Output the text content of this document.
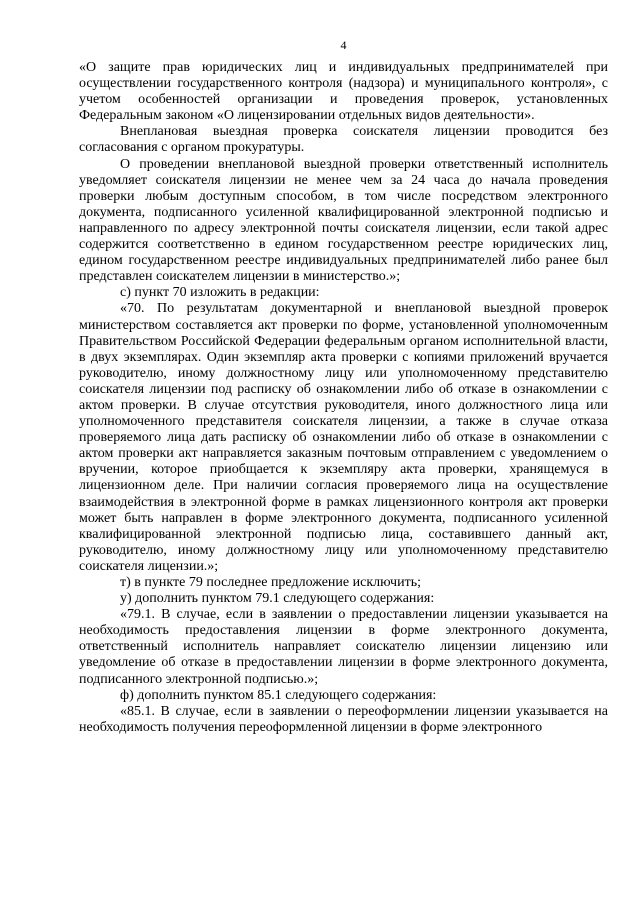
4

«О защите прав юридических лиц и индивидуальных предпринимателей при осуществлении государственного контроля (надзора) и муниципального контроля», с учетом особенностей организации и проведения проверок, установленных Федеральным законом «О лицензировании отдельных видов деятельности».

Внеплановая выездная проверка соискателя лицензии проводится без согласования с органом прокуратуры.

О проведении внеплановой выездной проверки ответственный исполнитель уведомляет соискателя лицензии не менее чем за 24 часа до начала проведения проверки любым доступным способом, в том числе посредством электронного документа, подписанного усиленной квалифицированной электронной подписью и направленного по адресу электронной почты соискателя лицензии, если такой адрес содержится соответственно в едином государственном реестре юридических лиц, едином государственном реестре индивидуальных предпринимателей либо ранее был представлен соискателем лицензии в министерство.»;

с) пункт 70 изложить в редакции:

«70. По результатам документарной и внеплановой выездной проверок министерством составляется акт проверки по форме, установленной уполномоченным Правительством Российской Федерации федеральным органом исполнительной власти, в двух экземплярах. Один экземпляр акта проверки с копиями приложений вручается руководителю, иному должностному лицу или уполномоченному представителю соискателя лицензии под расписку об ознакомлении либо об отказе в ознакомлении с актом проверки. В случае отсутствия руководителя, иного должностного лица или уполномоченного представителя соискателя лицензии, а также в случае отказа проверяемого лица дать расписку об ознакомлении либо об отказе в ознакомлении с актом проверки акт направляется заказным почтовым отправлением с уведомлением о вручении, которое приобщается к экземпляру акта проверки, хранящемуся в лицензионном деле. При наличии согласия проверяемого лица на осуществление взаимодействия в электронной форме в рамках лицензионного контроля акт проверки может быть направлен в форме электронного документа, подписанного усиленной квалифицированной электронной подписью лица, составившего данный акт, руководителю, иному должностному лицу или уполномоченному представителю соискателя лицензии.»;

т) в пункте 79 последнее предложение исключить;

у) дополнить пунктом 79.1 следующего содержания:

«79.1. В случае, если в заявлении о предоставлении лицензии указывается на необходимость предоставления лицензии в форме электронного документа, ответственный исполнитель направляет соискателю лицензии лицензию или уведомление об отказе в предоставлении лицензии в форме электронного документа, подписанного электронной подписью.»;

ф) дополнить пунктом 85.1 следующего содержания:

«85.1. В случае, если в заявлении о переоформлении лицензии указывается на необходимость получения переоформленной лицензии в форме электронного
